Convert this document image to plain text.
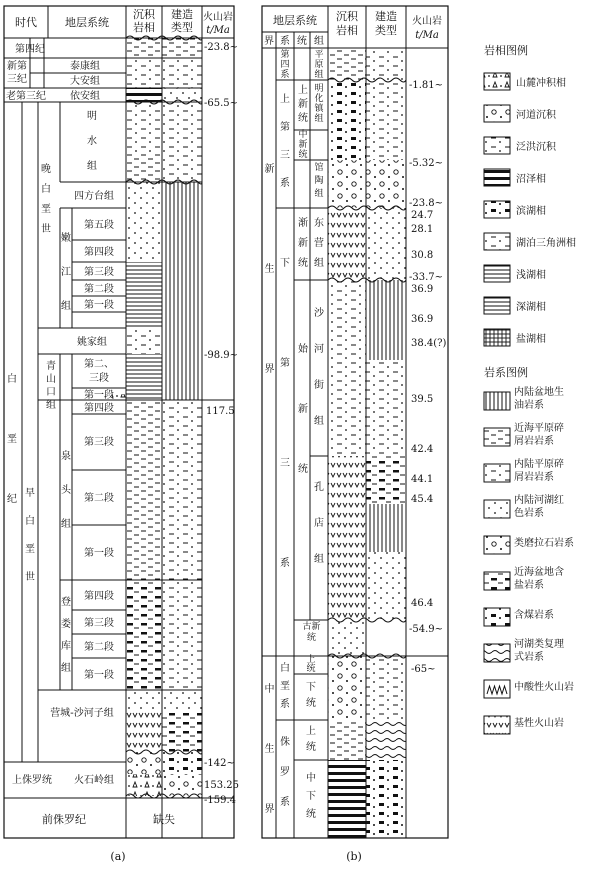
时代	地层系统
沉积岩相
建造类型
火山岩
t/Ma
第四纪
新第三纪
泰康组
大安组
老第三纪 依安组
明水组
四方台组
晚白垩世
嫩江组
第五段
第四段
第三段
第二段
第一段
姚家组
白垩纪
青山口组
第二、三段
第一段
早白垩世
第四段
第三段
第二段
第一段
泉头组
第四段
第三段
第二段
第一段
登娄库组
营城-沙河子组
上侏罗统 火石岭组
前侏罗纪	缺失
-23.8~
-65.5~
-98.9~
117.5
-142~
153.25
-159.4
(a)
地层系统
界 系 统 组
沉积岩相
建造类型
火山岩
t/Ma
第四系
平原组
新生界
上第三系
上新统
明化镇组
中新统
馆陶组
下第三系
渐新统
东营组
始新统
沙河街组
孔店组
古新统
中生界
白垩系
上统
下统
侏罗系
上统
中下统
-1.81~
-5.32~
-23.8~
24.7
28.1
30.8
-33.7~
36.9
36.9
38.4(?)
39.5
42.4
44.1
45.4
46.4
-54.9~
-65~
(b)
岩相图例
山麓冲积相
河道沉积
泛洪沉积
沼泽相
滨湖相
湖泊三角洲相
浅湖相
深湖相
盐湖相
岩系图例
内陆盆地生油岩系
近海平原碎屑岩岩系
内陆平原碎屑岩岩系
内陆河湖红色岩系
类磨拉石岩系
近海盆地含盐岩系
含煤岩系
河湖类复理式岩系
中酸性火山岩
基性火山岩
